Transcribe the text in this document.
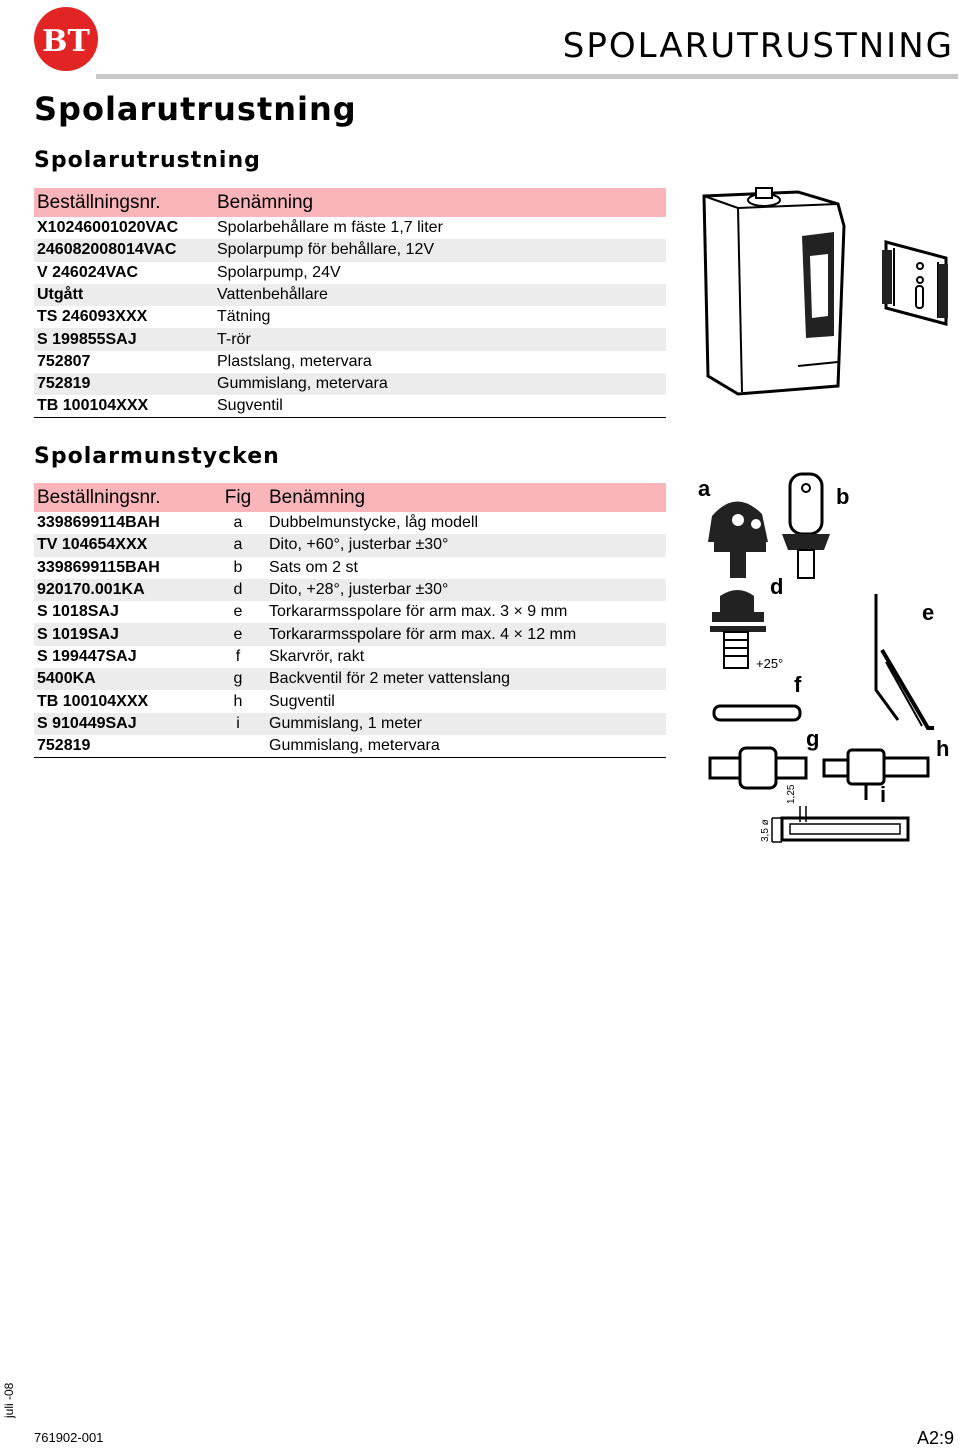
BT	SPOLARUTRUSTNING
Spolarutrustning
Spolarutrustning
Beställningsnr.	Benämning
X10246001020VAC	Spolarbehållare m fäste 1,7 liter
246082008014VAC	Spolarpump för behållare, 12V
V 246024VAC	Spolarpump, 24V
Utgått	Vattenbehållare
TS 246093XXX	Tätning
S 199855SAJ	T-rör
752807	Plastslang, metervara
752819	Gummislang, metervara
TB 100104XXX	Sugventil
Spolarmunstycken
Beställningsnr.	Fig	Benämning
3398699114BAH	a	Dubbelmunstycke, låg modell
TV 104654XXX	a	Dito, +60°, justerbar ±30°
3398699115BAH	b	Sats om 2 st
920170.001KA	d	Dito, +28°, justerbar ±30°
S 1018SAJ	e	Torkararmsspolare för arm max. 3 × 9 mm
S 1019SAJ	e	Torkararmsspolare för arm max. 4 × 12 mm
S 199447SAJ	f	Skarvrör, rakt
5400KA	g	Backventil för 2 meter vattenslang
TB 100104XXX	h	Sugventil
S 910449SAJ	i	Gummislang, 1 meter
752819		Gummislang, metervara
a	b
d
e
f
g	h
i
+25°
1,25
3,5 ø
juli -08
761902-001	A2:9
